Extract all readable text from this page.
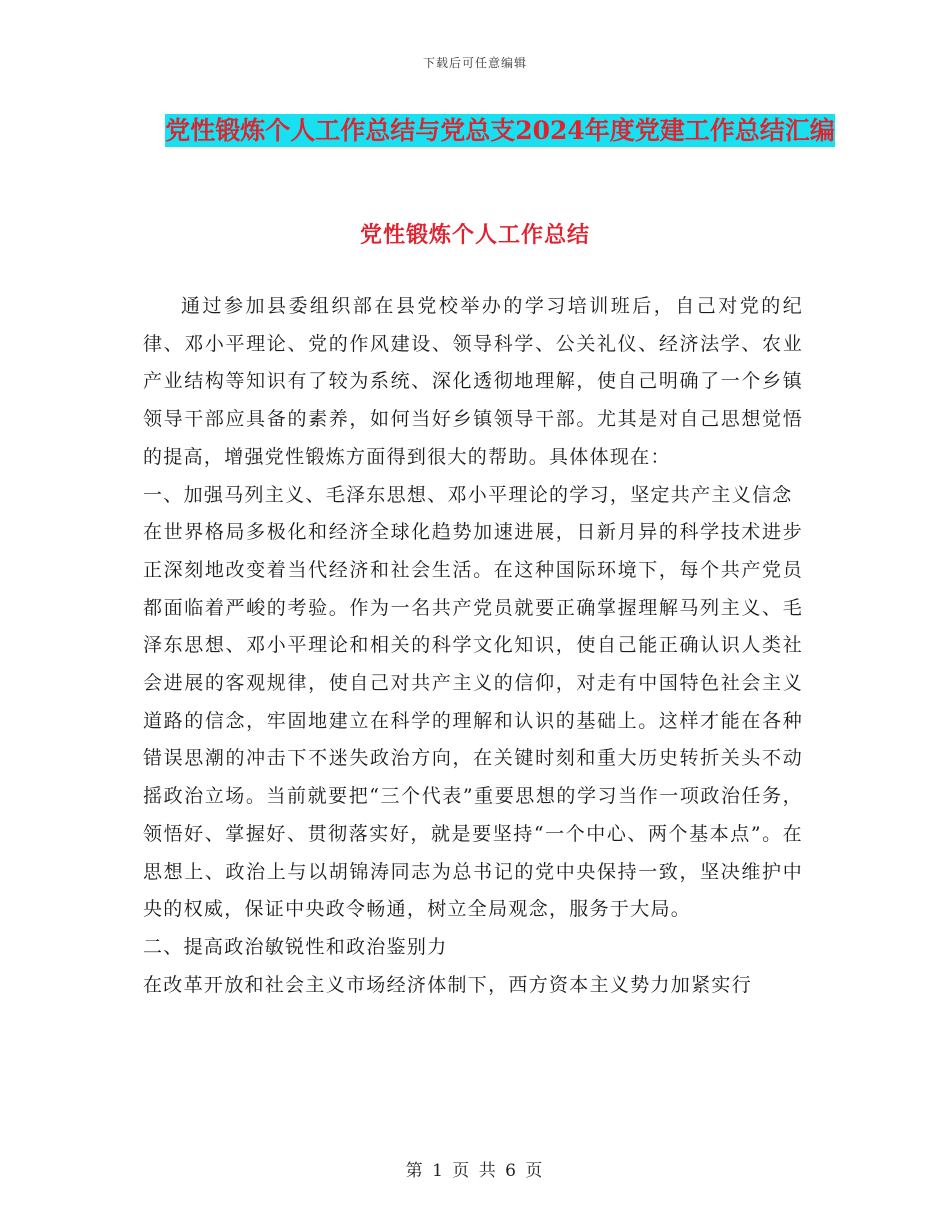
下载后可任意编辑
党性锻炼个人工作总结与党总支2024年度党建工作总结汇编
党性锻炼个人工作总结

通过参加县委组织部在县党校举办的学习培训班后，自己对党的纪律、邓小平理论、党的作风建设、领导科学、公关礼仪、经济法学、农业产业结构等知识有了较为系统、深化透彻地理解，使自己明确了一个乡镇领导干部应具备的素养，如何当好乡镇领导干部。尤其是对自己思想觉悟的提高，增强党性锻炼方面得到很大的帮助。具体体现在：

一、加强马列主义、毛泽东思想、邓小平理论的学习，坚定共产主义信念

在世界格局多极化和经济全球化趋势加速进展，日新月异的科学技术进步正深刻地改变着当代经济和社会生活。在这种国际环境下，每个共产党员都面临着严峻的考验。作为一名共产党员就要正确掌握理解马列主义、毛泽东思想、邓小平理论和相关的科学文化知识，使自己能正确认识人类社会进展的客观规律，使自己对共产主义的信仰，对走有中国特色社会主义道路的信念，牢固地建立在科学的理解和认识的基础上。这样才能在各种错误思潮的冲击下不迷失政治方向，在关键时刻和重大历史转折关头不动摇政治立场。当前就要把“三个代表”重要思想的学习当作一项政治任务，领悟好、掌握好、贯彻落实好，就是要坚持“一个中心、两个基本点”。在思想上、政治上与以胡锦涛同志为总书记的党中央保持一致，坚决维护中央的权威，保证中央政令畅通，树立全局观念，服务于大局。

二、提高政治敏锐性和政治鉴别力

在改革开放和社会主义市场经济体制下，西方资本主义势力加紧实行

第 1 页 共 6 页
